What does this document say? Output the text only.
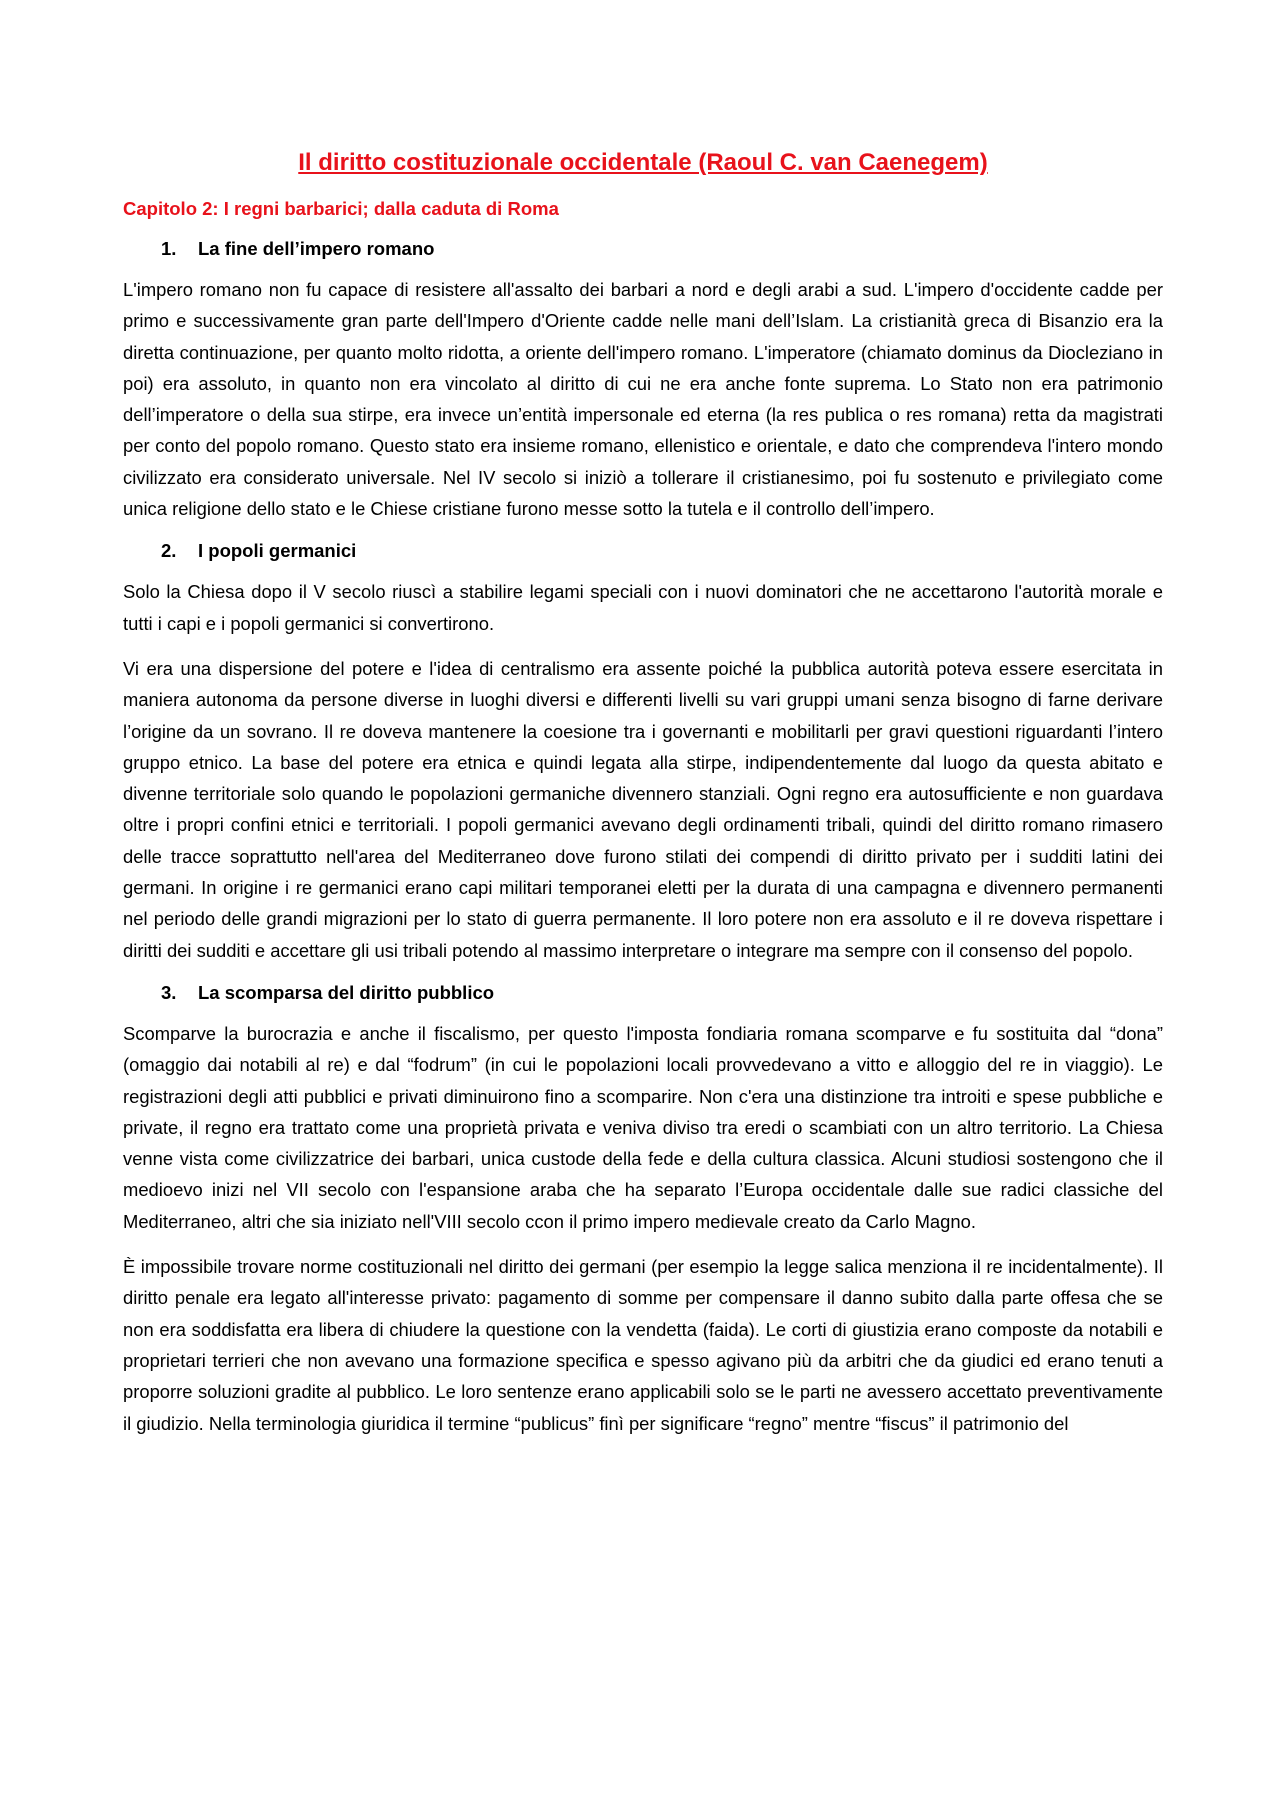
Il diritto costituzionale occidentale (Raoul C. van Caenegem)
Capitolo 2: I regni barbarici; dalla caduta di Roma
1.	La fine dell’impero romano

L'impero romano non fu capace di resistere all'assalto dei barbari a nord e degli arabi a sud. L'impero d'occidente cadde per primo e successivamente gran parte dell'Impero d'Oriente cadde nelle mani dell’Islam. La cristianità greca di Bisanzio era la diretta continuazione, per quanto molto ridotta, a oriente dell'impero romano. L'imperatore (chiamato dominus da Diocleziano in poi) era assoluto, in quanto non era vincolato al diritto di cui ne era anche fonte suprema. Lo Stato non era patrimonio dell’imperatore o della sua stirpe, era invece un’entità impersonale ed eterna (la res publica o res romana) retta da magistrati per conto del popolo romano. Questo stato era insieme romano, ellenistico e orientale, e dato che comprendeva l'intero mondo civilizzato era considerato universale. Nel IV secolo si iniziò a tollerare il cristianesimo, poi fu sostenuto e privilegiato come unica religione dello stato e le Chiese cristiane furono messe sotto la tutela e il controllo dell’impero.

2.	I popoli germanici

Solo la Chiesa dopo il V secolo riuscì a stabilire legami speciali con i nuovi dominatori che ne accettarono l'autorità morale e tutti i capi e i popoli germanici si convertirono.

Vi era una dispersione del potere e l'idea di centralismo era assente poiché la pubblica autorità poteva essere esercitata in maniera autonoma da persone diverse in luoghi diversi e differenti livelli su vari gruppi umani senza bisogno di farne derivare l’origine da un sovrano. Il re doveva mantenere la coesione tra i governanti e mobilitarli per gravi questioni riguardanti l’intero gruppo etnico. La base del potere era etnica e quindi legata alla stirpe, indipendentemente dal luogo da questa abitato e divenne territoriale solo quando le popolazioni germaniche divennero stanziali. Ogni regno era autosufficiente e non guardava oltre i propri confini etnici e territoriali. I popoli germanici avevano degli ordinamenti tribali, quindi del diritto romano rimasero delle tracce soprattutto nell'area del Mediterraneo dove furono stilati dei compendi di diritto privato per i sudditi latini dei germani. In origine i re germanici erano capi militari temporanei eletti per la durata di una campagna e divennero permanenti nel periodo delle grandi migrazioni per lo stato di guerra permanente. Il loro potere non era assoluto e il re doveva rispettare i diritti dei sudditi e accettare gli usi tribali potendo al massimo interpretare o integrare ma sempre con il consenso del popolo.

3.	La scomparsa del diritto pubblico

Scomparve la burocrazia e anche il fiscalismo, per questo l'imposta fondiaria romana scomparve e fu sostituita dal “dona” (omaggio dai notabili al re) e dal “fodrum” (in cui le popolazioni locali provvedevano a vitto e alloggio del re in viaggio). Le registrazioni degli atti pubblici e privati diminuirono fino a scomparire. Non c'era una distinzione tra introiti e spese pubbliche e private, il regno era trattato come una proprietà privata e veniva diviso tra eredi o scambiati con un altro territorio. La Chiesa venne vista come civilizzatrice dei barbari, unica custode della fede e della cultura classica. Alcuni studiosi sostengono che il medioevo inizi nel VII secolo con l'espansione araba che ha separato l’Europa occidentale dalle sue radici classiche del Mediterraneo, altri che sia iniziato nell'VIII secolo ccon il primo impero medievale creato da Carlo Magno.

È impossibile trovare norme costituzionali nel diritto dei germani (per esempio la legge salica menziona il re incidentalmente). Il diritto penale era legato all'interesse privato: pagamento di somme per compensare il danno subito dalla parte offesa che se non era soddisfatta era libera di chiudere la questione con la vendetta (faida). Le corti di giustizia erano composte da notabili e proprietari terrieri che non avevano una formazione specifica e spesso agivano più da arbitri che da giudici ed erano tenuti a proporre soluzioni gradite al pubblico. Le loro sentenze erano applicabili solo se le parti ne avessero accettato preventivamente il giudizio. Nella terminologia giuridica il termine “publicus” finì per significare “regno” mentre “fiscus” il patrimonio del
